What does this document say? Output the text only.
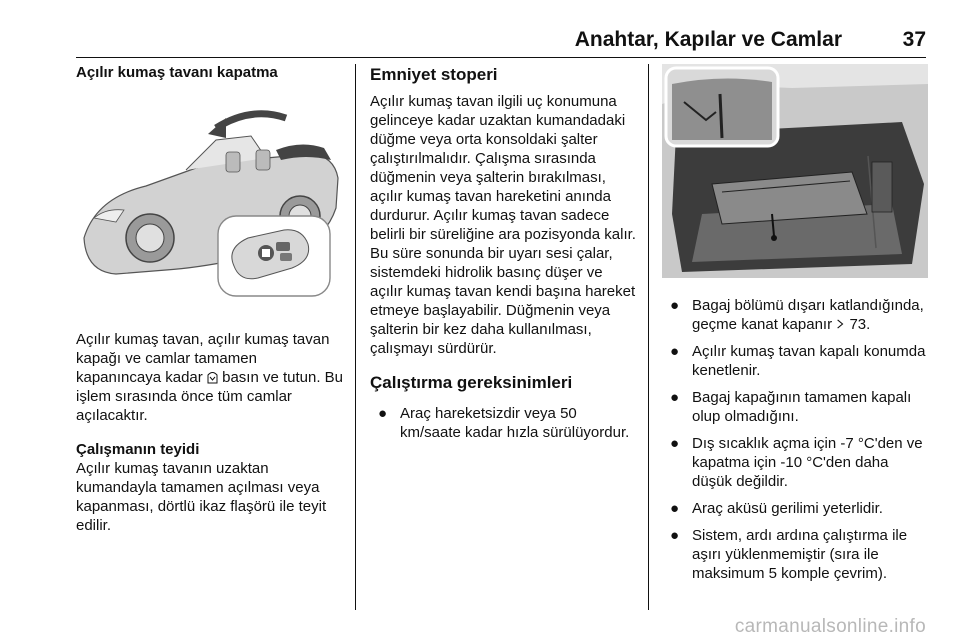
Anahtar, Kapılar ve Camlar	37
Açılır kumaş tavanı kapatma

Açılır kumaş tavan, açılır kumaş tavan kapağı ve camlar tamamen kapanıncaya kadar basın ve tutun. Bu işlem sırasında önce tüm camlar açılacaktır.

Çalışmanın teyidi

Açılır kumaş tavanın uzaktan kumandayla tamamen açılması veya kapanması, dörtlü ikaz flaşörü ile teyit edilir.

Emniyet stoperi

Açılır kumaş tavan ilgili uç konumuna gelinceye kadar uzaktan kumandadaki düğme veya orta konsoldaki şalter çalıştırılmalıdır. Çalışma sırasında düğmenin veya şalterin bırakılması, açılır kumaş tavan hareketini anında durdurur. Açılır kumaş tavan sadece belirli bir süreliğine ara pozisyonda kalır. Bu süre sonunda bir uyarı sesi çalar, sistemdeki hidrolik basınç düşer ve açılır kumaş tavan kendi başına hareket etmeye başlayabilir. Düğmenin veya şalterin bir kez daha kullanılması, çalışmayı sürdürür.

Çalıştırma gereksinimleri
● Araç hareketsizdir veya 50 km/saate kadar hızla sürülüyordur.
● Bagaj bölümü dışarı katlandığında, geçme kanat kapanır 73.
● Açılır kumaş tavan kapalı konumda kenetlenir.
● Bagaj kapağının tamamen kapalı olup olmadığını.
● Dış sıcaklık açma için -7 °C'den ve kapatma için -10 °C'den daha düşük değildir.
● Araç aküsü gerilimi yeterlidir.
● Sistem, ardı ardına çalıştırma ile aşırı yüklenmemiştir (sıra ile maksimum 5 komple çevrim).
carmanualsonline.info
